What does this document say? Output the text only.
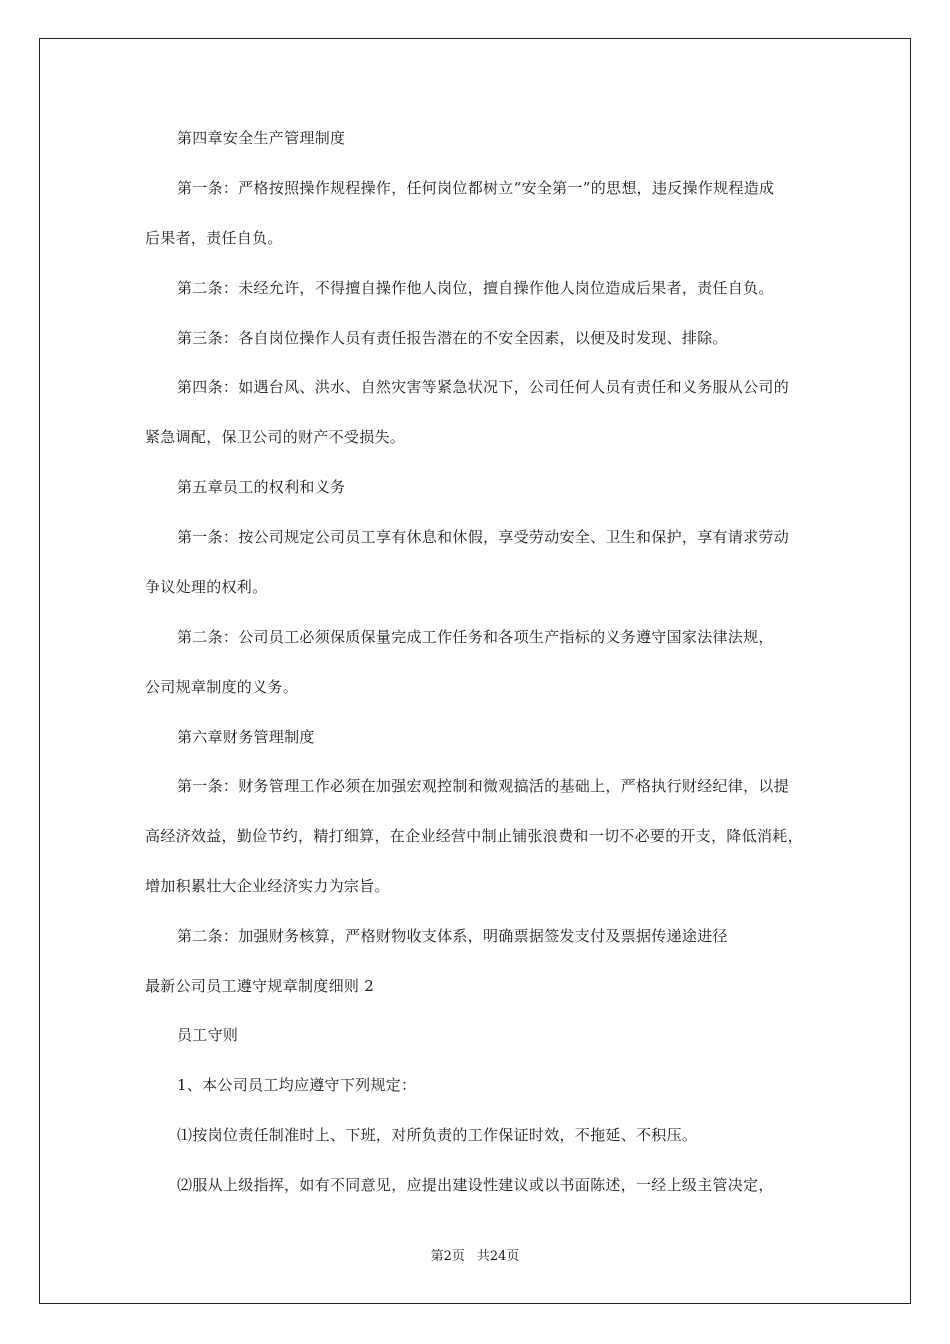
第四章安全生产管理制度
第一条：严格按照操作规程操作，任何岗位都树立“安全第一”的思想，违反操作规程造成
后果者，责任自负。
第二条：未经允许，不得擅自操作他人岗位，擅自操作他人岗位造成后果者，责任自负。
第三条：各自岗位操作人员有责任报告潜在的不安全因素，以便及时发现、排除。
第四条：如遇台风、洪水、自然灾害等紧急状况下，公司任何人员有责任和义务服从公司的
紧急调配，保卫公司的财产不受损失。
第五章员工的权利和义务
第一条：按公司规定公司员工享有休息和休假，享受劳动安全、卫生和保护，享有请求劳动
争议处理的权利。
第二条：公司员工必须保质保量完成工作任务和各项生产指标的义务遵守国家法律法规，
公司规章制度的义务。
第六章财务管理制度
第一条：财务管理工作必须在加强宏观控制和微观搞活的基础上，严格执行财经纪律，以提
高经济效益，勤俭节约，精打细算，在企业经营中制止铺张浪费和一切不必要的开支，降低消耗，
增加积累壮大企业经济实力为宗旨。
第二条：加强财务核算，严格财物收支体系，明确票据签发支付及票据传递途进径
最新公司员工遵守规章制度细则 2
员工守则
1、本公司员工均应遵守下列规定：
⑴按岗位责任制准时上、下班，对所负责的工作保证时效，不拖延、不积压。
⑵服从上级指挥，如有不同意见，应提出建设性建议或以书面陈述，一经上级主管决定，
第2页 共24页
